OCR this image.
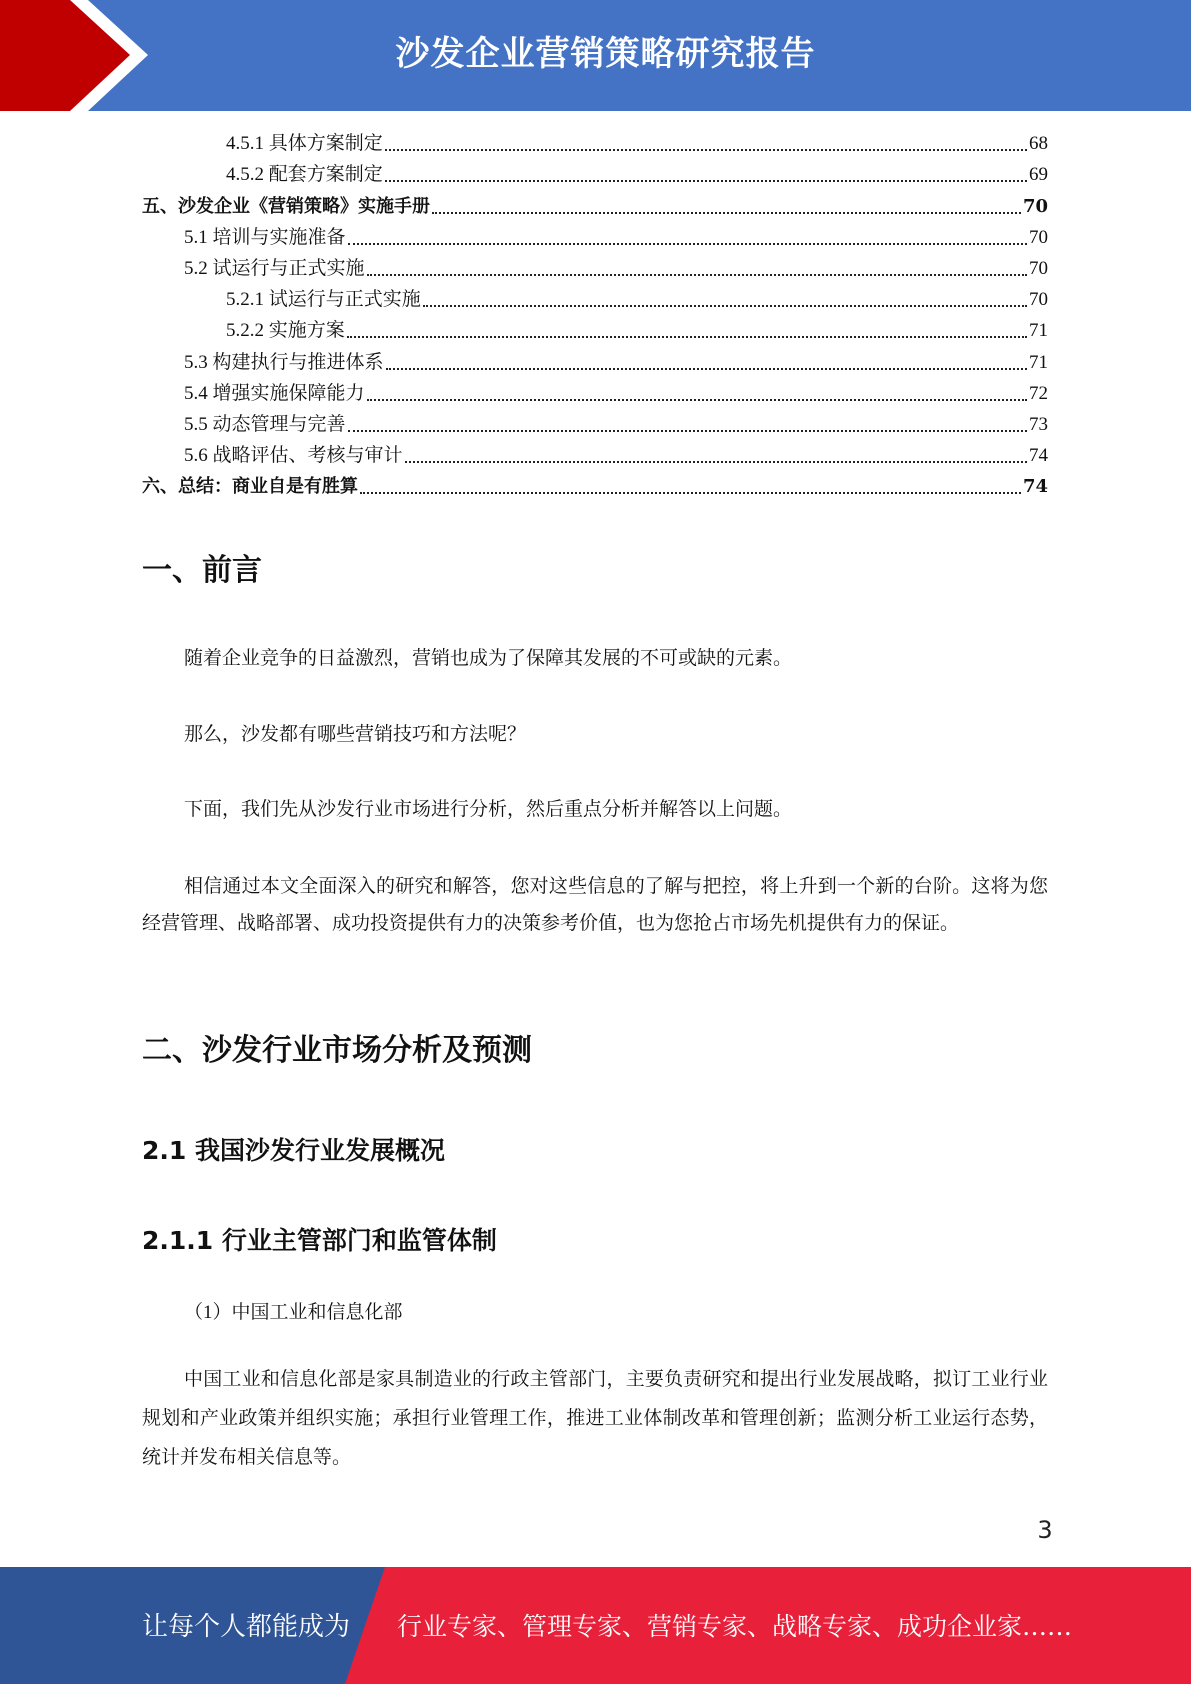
沙发企业营销策略研究报告
4.5.1 具体方案制定	68
4.5.2 配套方案制定	69
五、沙发企业《营销策略》实施手册	70
5.1 培训与实施准备	70
5.2 试运行与正式实施	70
5.2.1 试运行与正式实施	70
5.2.2 实施方案	71
5.3 构建执行与推进体系	71
5.4 增强实施保障能力	72
5.5 动态管理与完善	73
5.6 战略评估、考核与审计	74
六、总结：商业自是有胜算	74
一、前言
随着企业竞争的日益激烈，营销也成为了保障其发展的不可或缺的元素。
那么，沙发都有哪些营销技巧和方法呢？
下面，我们先从沙发行业市场进行分析，然后重点分析并解答以上问题。
相信通过本文全面深入的研究和解答，您对这些信息的了解与把控，将上升到一个新的台阶。这将为您经营管理、战略部署、成功投资提供有力的决策参考价值，也为您抢占市场先机提供有力的保证。
二、沙发行业市场分析及预测
2.1 我国沙发行业发展概况
2.1.1 行业主管部门和监管体制
（1）中国工业和信息化部
中国工业和信息化部是家具制造业的行政主管部门，主要负责研究和提出行业发展战略，拟订工业行业规划和产业政策并组织实施；承担行业管理工作，推进工业体制改革和管理创新；监测分析工业运行态势，统计并发布相关信息等。
3
让每个人都能成为 行业专家、管理专家、营销专家、战略专家、成功企业家……
